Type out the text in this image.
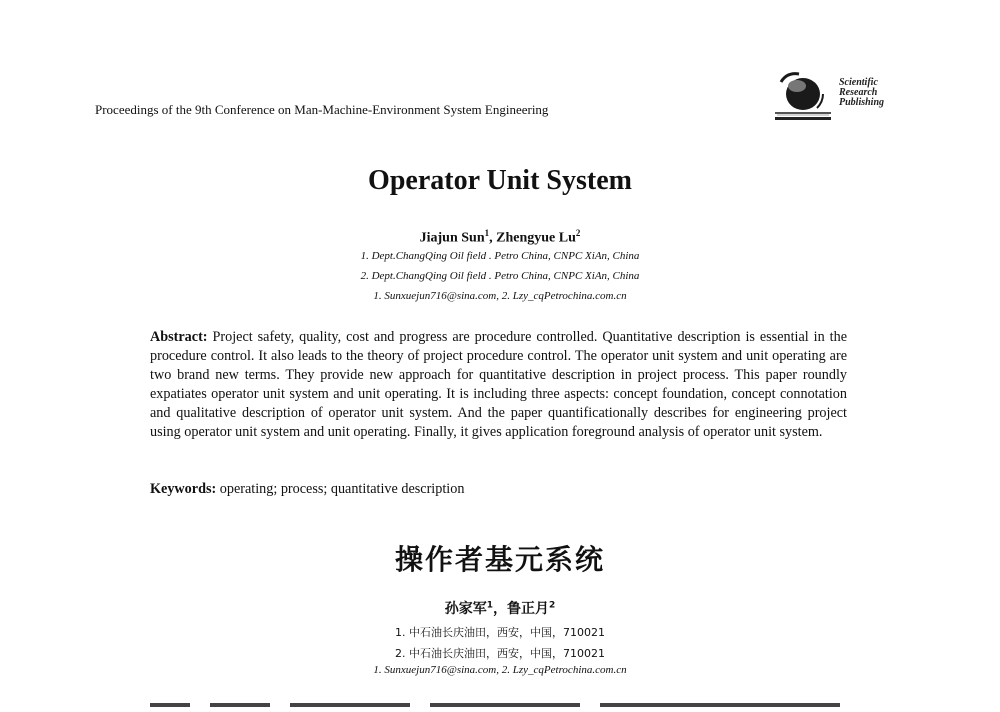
Proceedings of the 9th Conference on Man-Machine-Environment System Engineering
Scientific
Research
Publishing
Operator Unit System
Jiajun Sun$^1$, Zhengyue Lu$^2$
1. Dept.ChangQing Oil field . Petro China, CNPC XiAn, China
2. Dept.ChangQing Oil field . Petro China, CNPC XiAn, China
1. Sunxuejun716@sina.com, 2. Lzy_cqPetrochina.com.cn
Abstract: Project safety, quality, cost and progress are procedure controlled. Quantitative description is essential in the procedure control. It also leads to the theory of project procedure control. The operator unit system and unit operating are two brand new terms. They provide new approach for quantitative description in project process. This paper roundly expatiates operator unit system and unit operating. It is including three aspects: concept foundation, concept connotation and qualitative description of operator unit system. And the paper quantificationally describes for engineering project using operator unit system and unit operating. Finally, it gives application foreground analysis of operator unit system.
Keywords: operating; process; quantitative description
操作者基元系统
孙家军$^1$，鲁正月$^2$
1. 中石油长庆油田，西安，中国，710021
2. 中石油长庆油田，西安，中国，710021
1. Sunxuejun716@sina.com, 2. Lzy_cqPetrochina.com.cn
